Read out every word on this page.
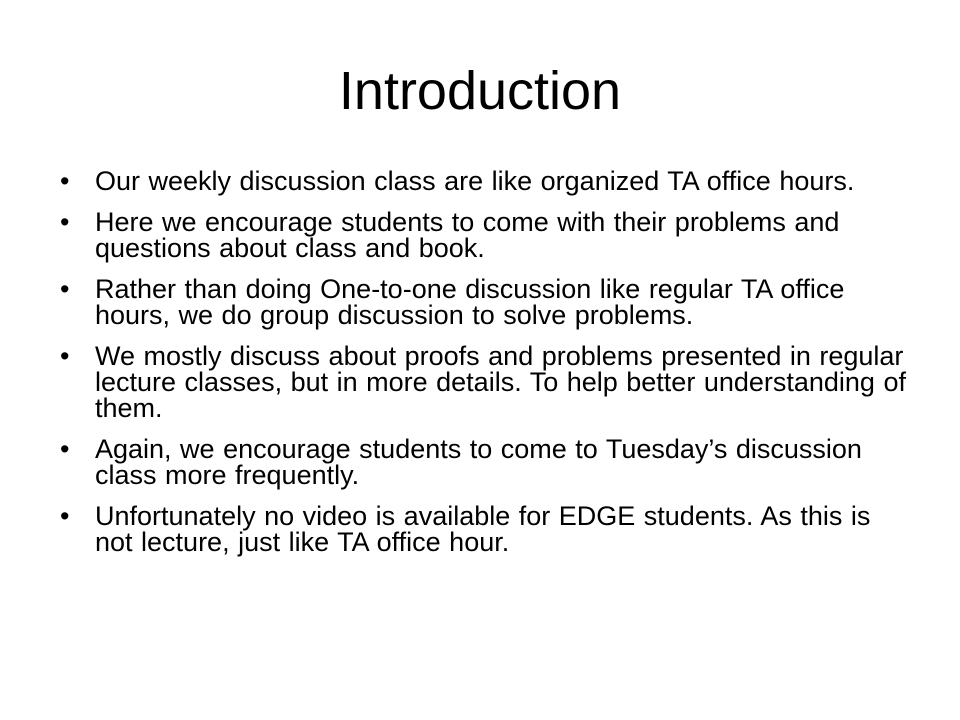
Introduction
• Our weekly discussion class are like organized TA office hours.
• Here we encourage students to come with their problems and questions about class and book.
• Rather than doing One-to-one discussion like regular TA office hours, we do group discussion to solve problems.
• We mostly discuss about proofs and problems presented in regular lecture classes, but in more details. To help better understanding of them.
• Again, we encourage students to come to Tuesday’s discussion class more frequently.
• Unfortunately no video is available for EDGE students. As this is not lecture, just like TA office hour.
